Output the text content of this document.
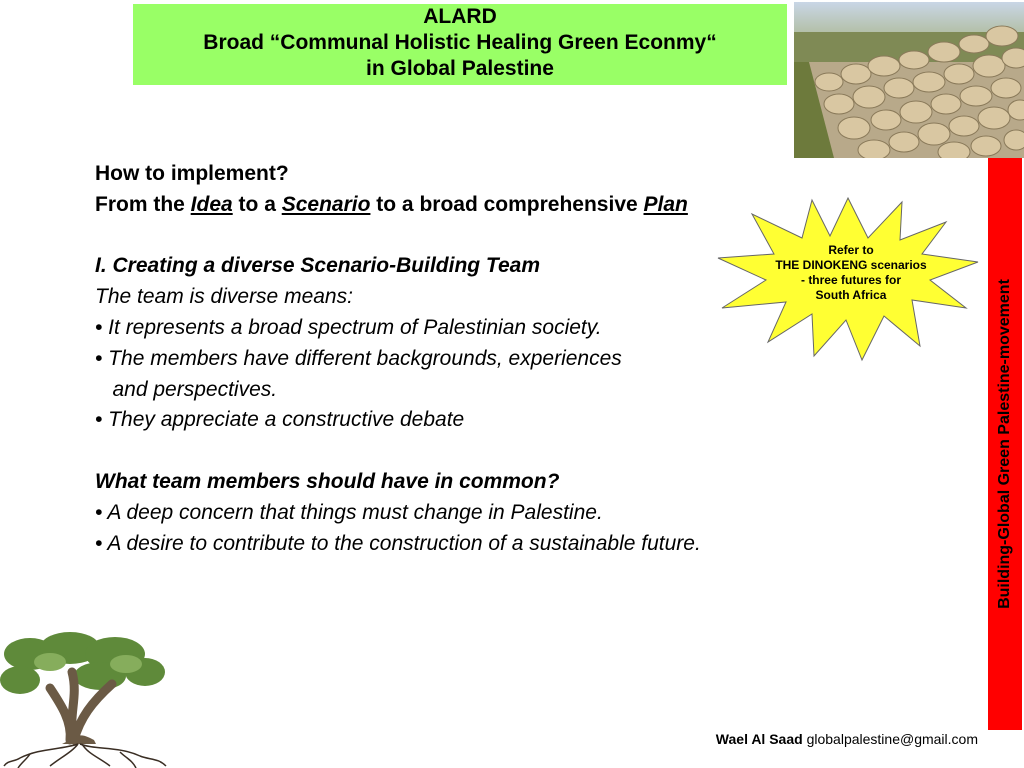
ALARD
Broad “Communal Holistic Healing Green Econmy“
in Global Palestine
Building-Global Green Palestine-movement
Refer to
THE DINOKENG scenarios
- three futures for
South Africa

How to implement?

From the Idea to a Scenario to a broad comprehensive Plan

I. Creating a diverse Scenario-Building Team

The team is diverse means:

• It represents a broad spectrum of Palestinian society.

• The members have different backgrounds, experiences

and perspectives.

• They appreciate a constructive debate

What team members should have in common?

• A deep concern that things must change in Palestine.

• A desire to contribute to the construction of a sustainable future.

Wael Al Saad globalpalestine@gmail.com
